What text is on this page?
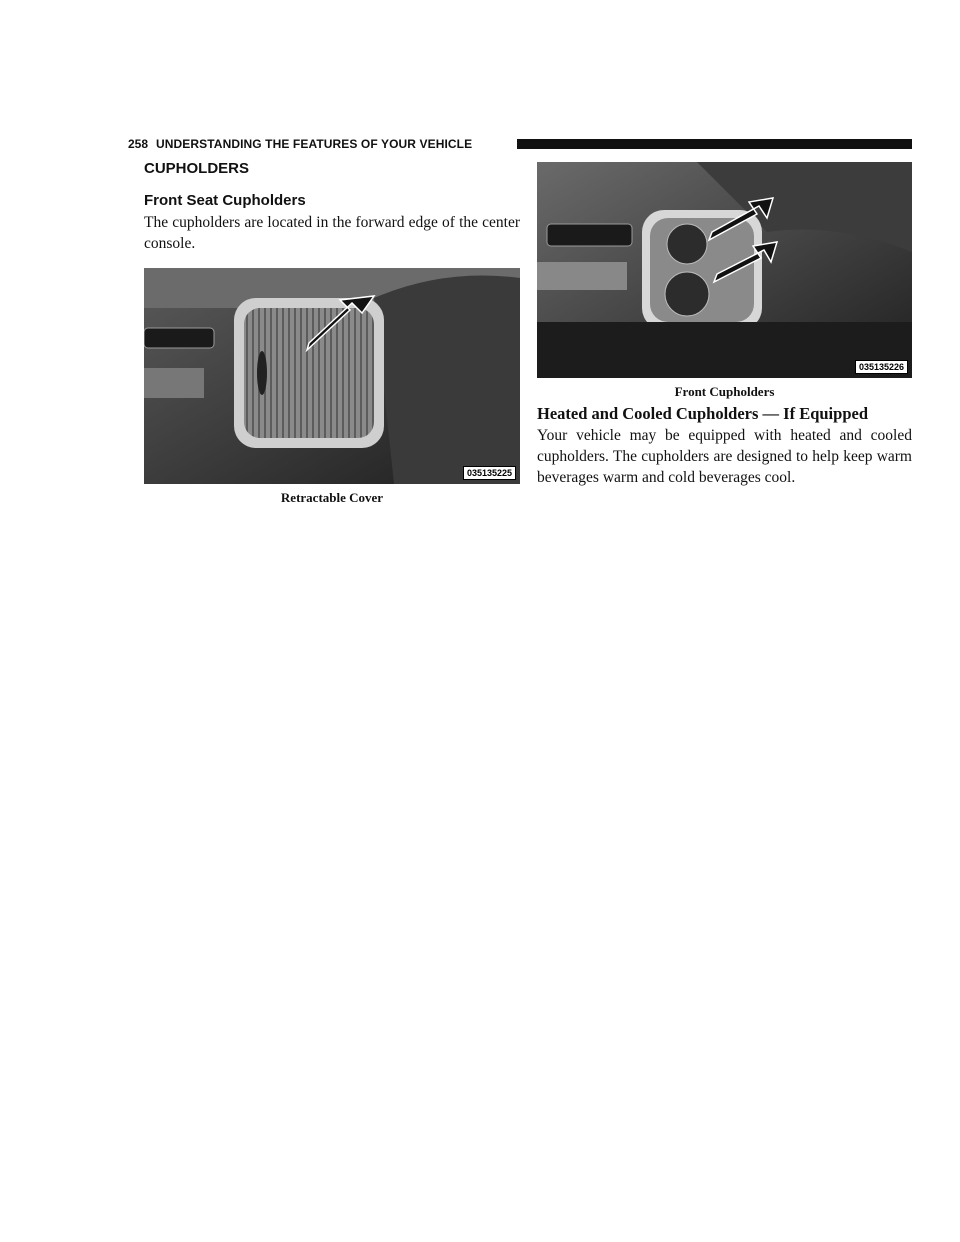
258 UNDERSTANDING THE FEATURES OF YOUR VEHICLE
CUPHOLDERS
Front Seat Cupholders

The cupholders are located in the forward edge of the center console.

035135225
Retractable Cover
035135226
Front Cupholders
Heated and Cooled Cupholders — If Equipped

Your vehicle may be equipped with heated and cooled cupholders. The cupholders are designed to help keep warm beverages warm and cold beverages cool.
